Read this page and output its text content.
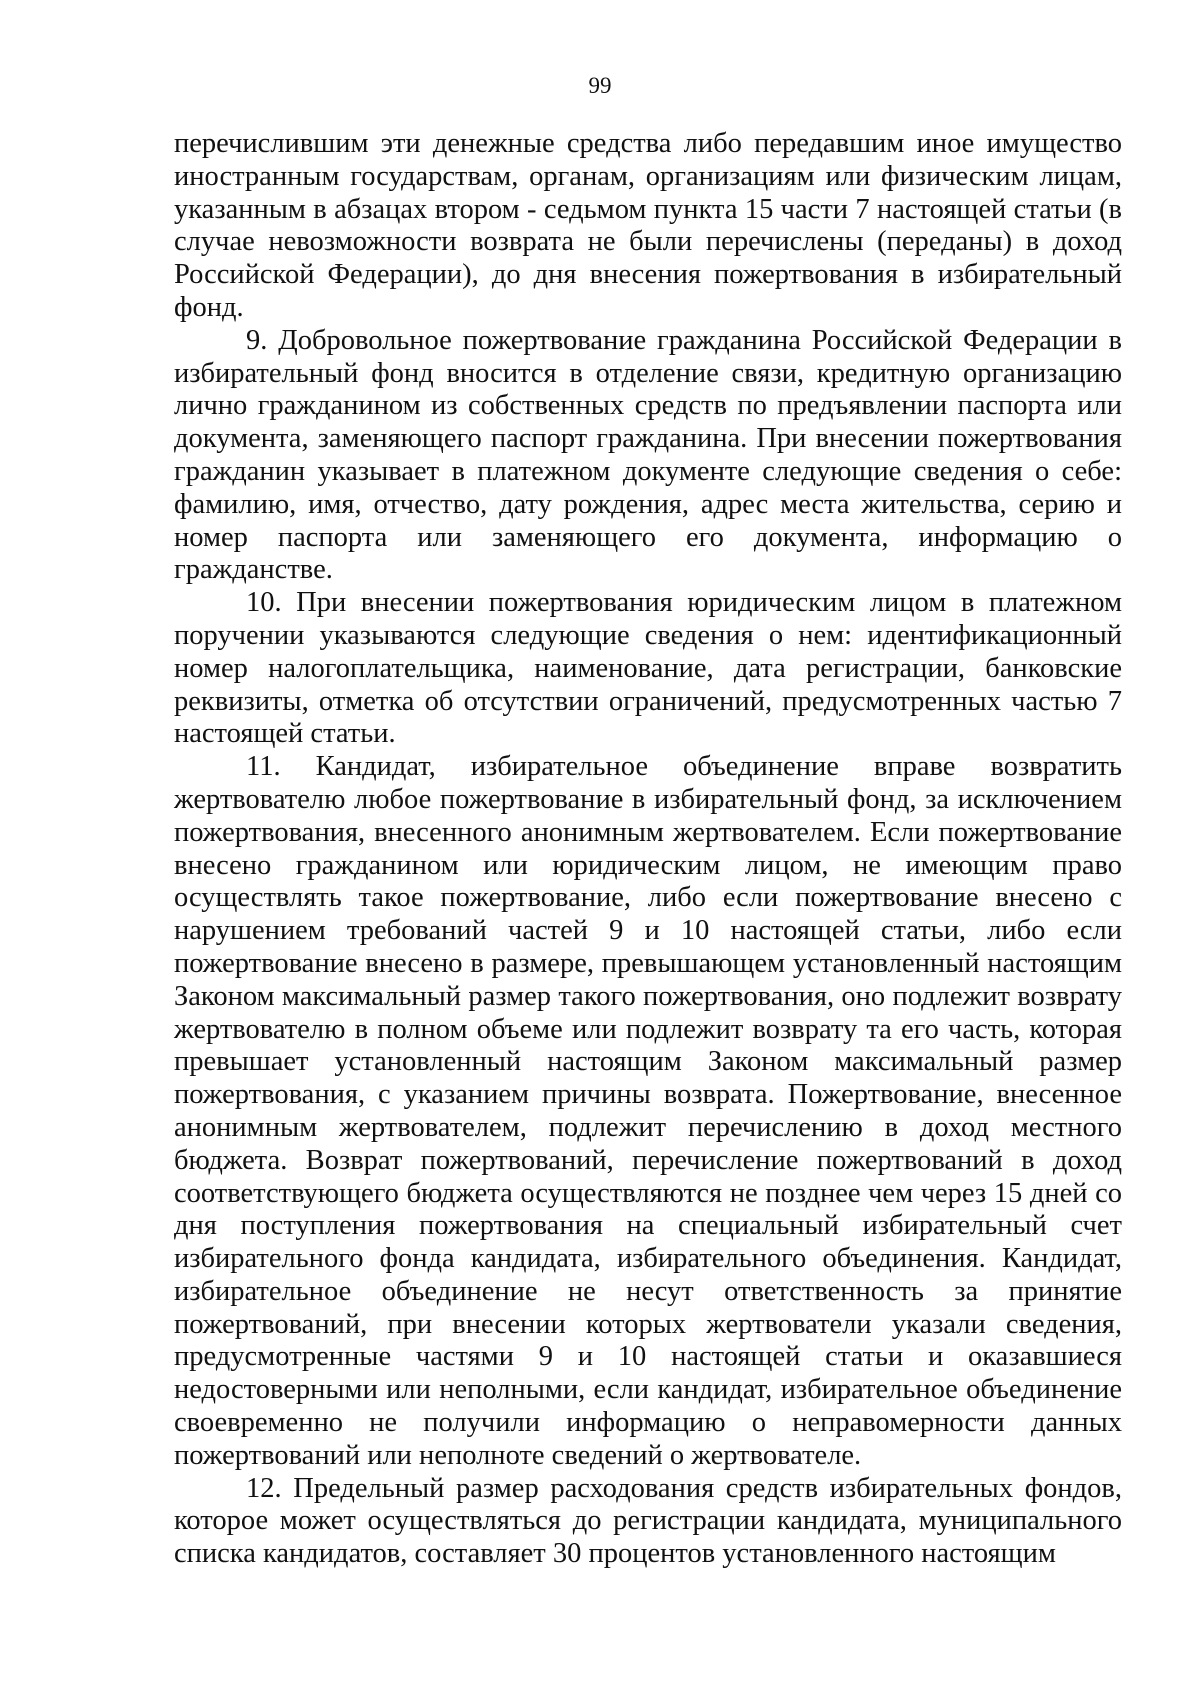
99

перечислившим эти денежные средства либо передавшим иное имущество иностранным государствам, органам, организациям или физическим лицам, указанным в абзацах втором - седьмом пункта 15 части 7 настоящей статьи (в случае невозможности возврата не были перечислены (переданы) в доход Российской Федерации), до дня внесения пожертвования в избирательный фонд.

9. Добровольное пожертвование гражданина Российской Федерации в избирательный фонд вносится в отделение связи, кредитную организацию лично гражданином из собственных средств по предъявлении паспорта или документа, заменяющего паспорт гражданина. При внесении пожертвования гражданин указывает в платежном документе следующие сведения о себе: фамилию, имя, отчество, дату рождения, адрес места жительства, серию и номер паспорта или заменяющего его документа, информацию о гражданстве.

10. При внесении пожертвования юридическим лицом в платежном поручении указываются следующие сведения о нем: идентификационный номер налогоплательщика, наименование, дата регистрации, банковские реквизиты, отметка об отсутствии ограничений, предусмотренных частью 7 настоящей статьи.

11. Кандидат, избирательное объединение вправе возвратить жертвователю любое пожертвование в избирательный фонд, за исключением пожертвования, внесенного анонимным жертвователем. Если пожертвование внесено гражданином или юридическим лицом, не имеющим право осуществлять такое пожертвование, либо если пожертвование внесено с нарушением требований частей 9 и 10 настоящей статьи, либо если пожертвование внесено в размере, превышающем установленный настоящим Законом максимальный размер такого пожертвования, оно подлежит возврату жертвователю в полном объеме или подлежит возврату та его часть, которая превышает установленный настоящим Законом максимальный размер пожертвования, с указанием причины возврата. Пожертвование, внесенное анонимным жертвователем, подлежит перечислению в доход местного бюджета. Возврат пожертвований, перечисление пожертвований в доход соответствующего бюджета осуществляются не позднее чем через 15 дней со дня поступления пожертвования на специальный избирательный счет избирательного фонда кандидата, избирательного объединения. Кандидат, избирательное объединение не несут ответственность за принятие пожертвований, при внесении которых жертвователи указали сведения, предусмотренные частями 9 и 10 настоящей статьи и оказавшиеся недостоверными или неполными, если кандидат, избирательное объединение своевременно не получили информацию о неправомерности данных пожертвований или неполноте сведений о жертвователе.

12. Предельный размер расходования средств избирательных фондов, которое может осуществляться до регистрации кандидата, муниципального списка кандидатов, составляет 30 процентов установленного настоящим
